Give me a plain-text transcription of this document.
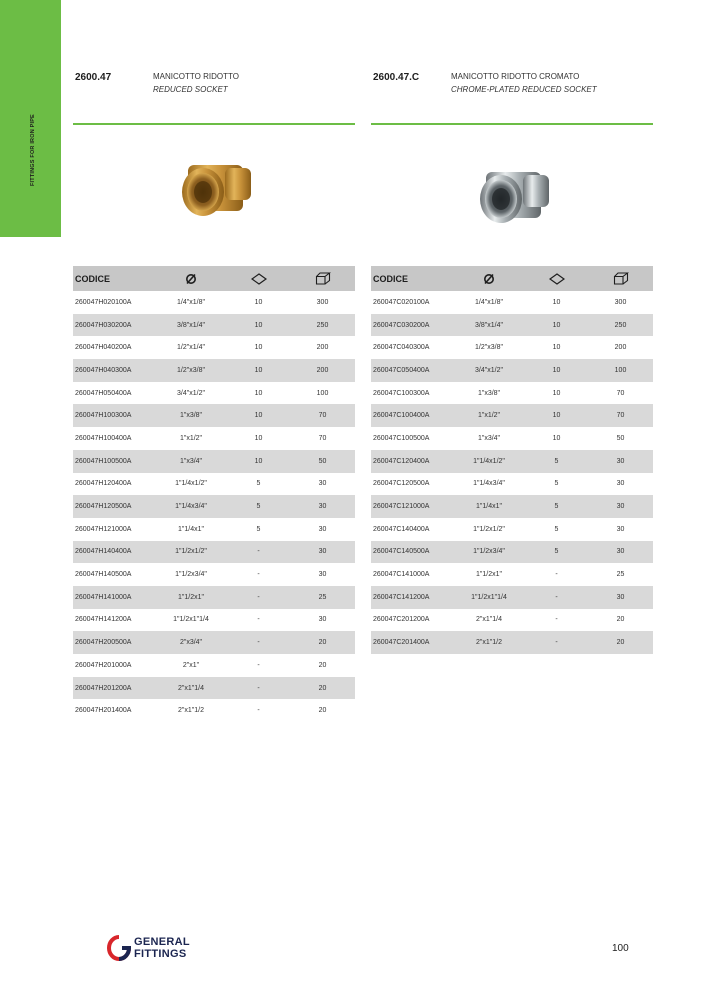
FITTINGS FOR IRON PIPE
2600.47	MANICOTTO RIDOTTO
REDUCED SOCKET
CODICE			
260047H020100A	1/4"x1/8"	10	300
260047H030200A	3/8"x1/4"	10	250
260047H040200A	1/2"x1/4"	10	200
260047H040300A	1/2"x3/8"	10	200
260047H050400A	3/4"x1/2"	10	100
260047H100300A	1"x3/8"	10	70
260047H100400A	1"x1/2"	10	70
260047H100500A	1"x3/4"	10	50
260047H120400A	1"1/4x1/2"	5	30
260047H120500A	1"1/4x3/4"	5	30
260047H121000A	1"1/4x1"	5	30
260047H140400A	1"1/2x1/2"	-	30
260047H140500A	1"1/2x3/4"	-	30
260047H141000A	1"1/2x1"	-	25
260047H141200A	1"1/2x1"1/4	-	30
260047H200500A	2"x3/4"	-	20
260047H201000A	2"x1"	-	20
260047H201200A	2"x1"1/4	-	20
260047H201400A	2"x1"1/2	-	20
2600.47.C	MANICOTTO RIDOTTO CROMATO
CHROME-PLATED REDUCED SOCKET
CODICE			
260047C020100A	1/4"x1/8"	10	300
260047C030200A	3/8"x1/4"	10	250
260047C040300A	1/2"x3/8"	10	200
260047C050400A	3/4"x1/2"	10	100
260047C100300A	1"x3/8"	10	70
260047C100400A	1"x1/2"	10	70
260047C100500A	1"x3/4"	10	50
260047C120400A	1"1/4x1/2"	5	30
260047C120500A	1"1/4x3/4"	5	30
260047C121000A	1"1/4x1"	5	30
260047C140400A	1"1/2x1/2"	5	30
260047C140500A	1"1/2x3/4"	5	30
260047C141000A	1"1/2x1"	-	25
260047C141200A	1"1/2x1"1/4	-	30
260047C201200A	2"x1"1/4	-	20
260047C201400A	2"x1"1/2	-	20
GENERAL
FITTINGS	100
